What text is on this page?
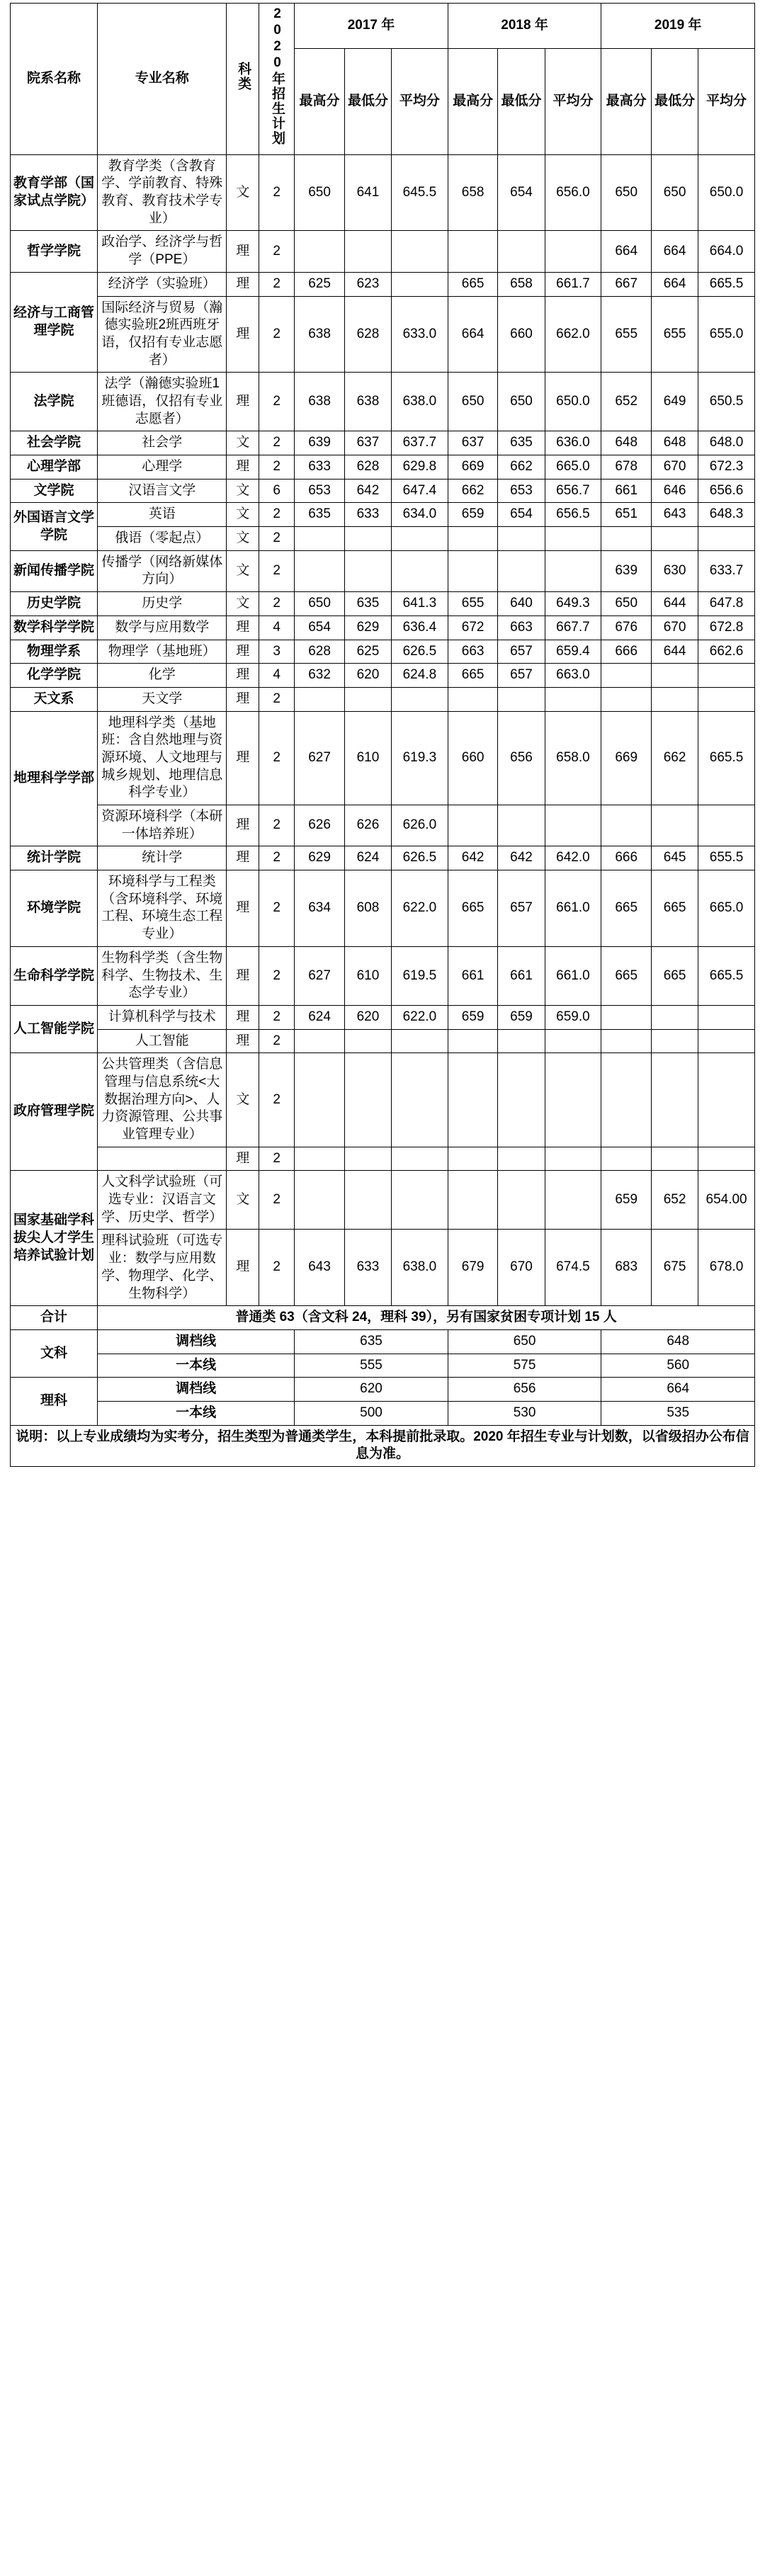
院系名称	专业名称	科类	2020年招生计划	2017 年			2018 年			2019 年		
				最高分	最低分	平均分	最高分	最低分	平均分	最高分	最低分	平均分
教育学部（国家试点学院）	教育学类（含教育学、学前教育、特殊教育、教育技术学专业）	文	2	650	641	645.5	658	654	656.0	650	650	650.0
哲学学院	政治学、经济学与哲学（PPE）	理	2							664	664	664.0
经济与工商管理学院	经济学（实验班）	理	2	625	623		665	658	661.7	667	664	665.5
	国际经济与贸易（瀚德实验班2班西班牙语，仅招有专业志愿者）	理	2	638	628	633.0	664	660	662.0	655	655	655.0
法学院	法学（瀚德实验班1班德语，仅招有专业志愿者）	理	2	638	638	638.0	650	650	650.0	652	649	650.5
社会学院	社会学	文	2	639	637	637.7	637	635	636.0	648	648	648.0
心理学部	心理学	理	2	633	628	629.8	669	662	665.0	678	670	672.3
文学院	汉语言文学	文	6	653	642	647.4	662	653	656.7	661	646	656.6
外国语言文学学院	英语	文	2	635	633	634.0	659	654	656.5	651	643	648.3
	俄语（零起点）	文	2									
新闻传播学院	传播学（网络新媒体方向）	文	2							639	630	633.7
历史学院	历史学	文	2	650	635	641.3	655	640	649.3	650	644	647.8
数学科学学院	数学与应用数学	理	4	654	629	636.4	672	663	667.7	676	670	672.8
物理学系	物理学（基地班）	理	3	628	625	626.5	663	657	659.4	666	644	662.6
化学学院	化学	理	4	632	620	624.8	665	657	663.0			
天文系	天文学	理	2									
地理科学学部	地理科学类（基地班：含自然地理与资源环境、人文地理与城乡规划、地理信息科学专业）	理	2	627	610	619.3	660	656	658.0	669	662	665.5
	资源环境科学（本研一体培养班）	理	2	626	626	626.0						
统计学院	统计学	理	2	629	624	626.5	642	642	642.0	666	645	655.5
环境学院	环境科学与工程类（含环境科学、环境工程、环境生态工程专业）	理	2	634	608	622.0	665	657	661.0	665	665	665.0
生命科学学院	生物科学类（含生物科学、生物技术、生态学专业）	理	2	627	610	619.5	661	661	661.0	665	665	665.5
人工智能学院	计算机科学与技术	理	2	624	620	622.0	659	659	659.0			
	人工智能	理	2									
政府管理学院	公共管理类（含信息管理与信息系统<大数据治理方向>、人力资源管理、公共事业管理专业）	文	2									
		理	2									
国家基础学科拔尖人才学生培养试验计划	人文科学试验班（可选专业：汉语言文学、历史学、哲学）	文	2							659	652	654.00
	理科试验班（可选专业：数学与应用数学、物理学、化学、生物科学）	理	2	643	633	638.0	679	670	674.5	683	675	678.0
合计	普通类 63（含文科 24，理科 39），另有国家贫困专项计划 15 人											
文科	调档线			635			650			648		
	一本线			555			575			560		
理科	调档线			620			656			664		
	一本线			500			530			535		
说明：以上专业成绩均为实考分，招生类型为普通类学生，本科提前批录取。2020 年招生专业与计划数，以省级招办公布信息为准。												
